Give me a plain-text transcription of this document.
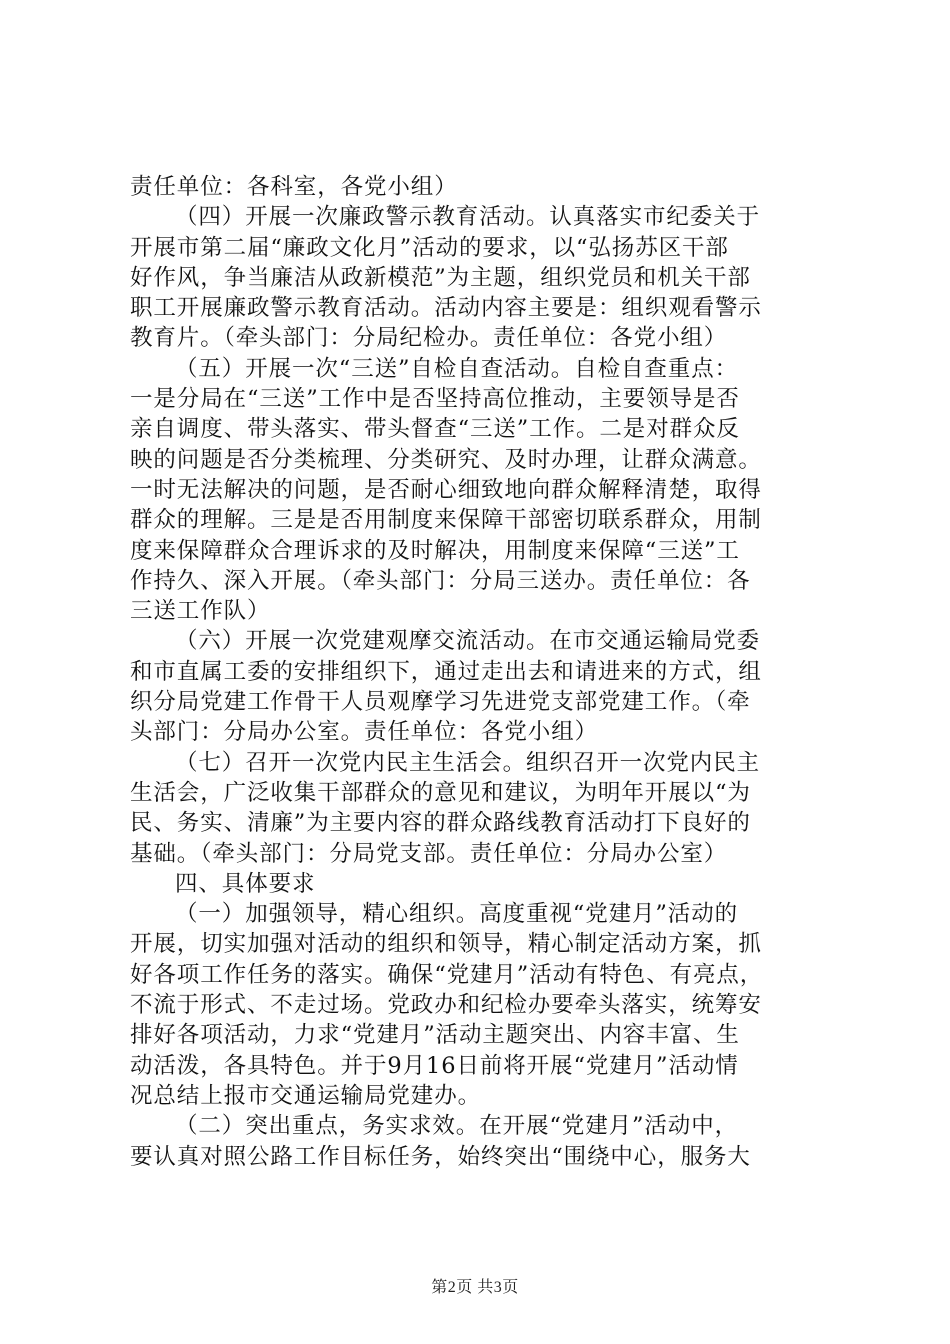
责任单位：各科室，各党小组）
（四）开展一次廉政警示教育活动。认真落实市纪委关于
开展市第二届“廉政文化月”活动的要求，以“弘扬苏区干部
好作风，争当廉洁从政新模范”为主题，组织党员和机关干部
职工开展廉政警示教育活动。活动内容主要是：组织观看警示
教育片。（牵头部门：分局纪检办。责任单位：各党小组）
（五）开展一次“三送”自检自查活动。自检自查重点：
一是分局在“三送”工作中是否坚持高位推动，主要领导是否
亲自调度、带头落实、带头督查“三送”工作。二是对群众反
映的问题是否分类梳理、分类研究、及时办理，让群众满意。
一时无法解决的问题，是否耐心细致地向群众解释清楚，取得
群众的理解。三是是否用制度来保障干部密切联系群众，用制
度来保障群众合理诉求的及时解决，用制度来保障“三送”工
作持久、深入开展。（牵头部门：分局三送办。责任单位：各
三送工作队）
（六）开展一次党建观摩交流活动。在市交通运输局党委
和市直属工委的安排组织下，通过走出去和请进来的方式，组
织分局党建工作骨干人员观摩学习先进党支部党建工作。（牵
头部门：分局办公室。责任单位：各党小组）
（七）召开一次党内民主生活会。组织召开一次党内民主
生活会，广泛收集干部群众的意见和建议，为明年开展以“为
民、务实、清廉”为主要内容的群众路线教育活动打下良好的
基础。（牵头部门：分局党支部。责任单位：分局办公室）
四、具体要求
（一）加强领导，精心组织。高度重视“党建月”活动的
开展，切实加强对活动的组织和领导，精心制定活动方案，抓
好各项工作任务的落实。确保“党建月”活动有特色、有亮点，
不流于形式、不走过场。党政办和纪检办要牵头落实，统筹安
排好各项活动，力求“党建月”活动主题突出、内容丰富、生
动活泼，各具特色。并于9月16日前将开展“党建月”活动情
况总结上报市交通运输局党建办。
（二）突出重点，务实求效。在开展“党建月”活动中，
要认真对照公路工作目标任务，始终突出“围绕中心，服务大
第2页 共3页
